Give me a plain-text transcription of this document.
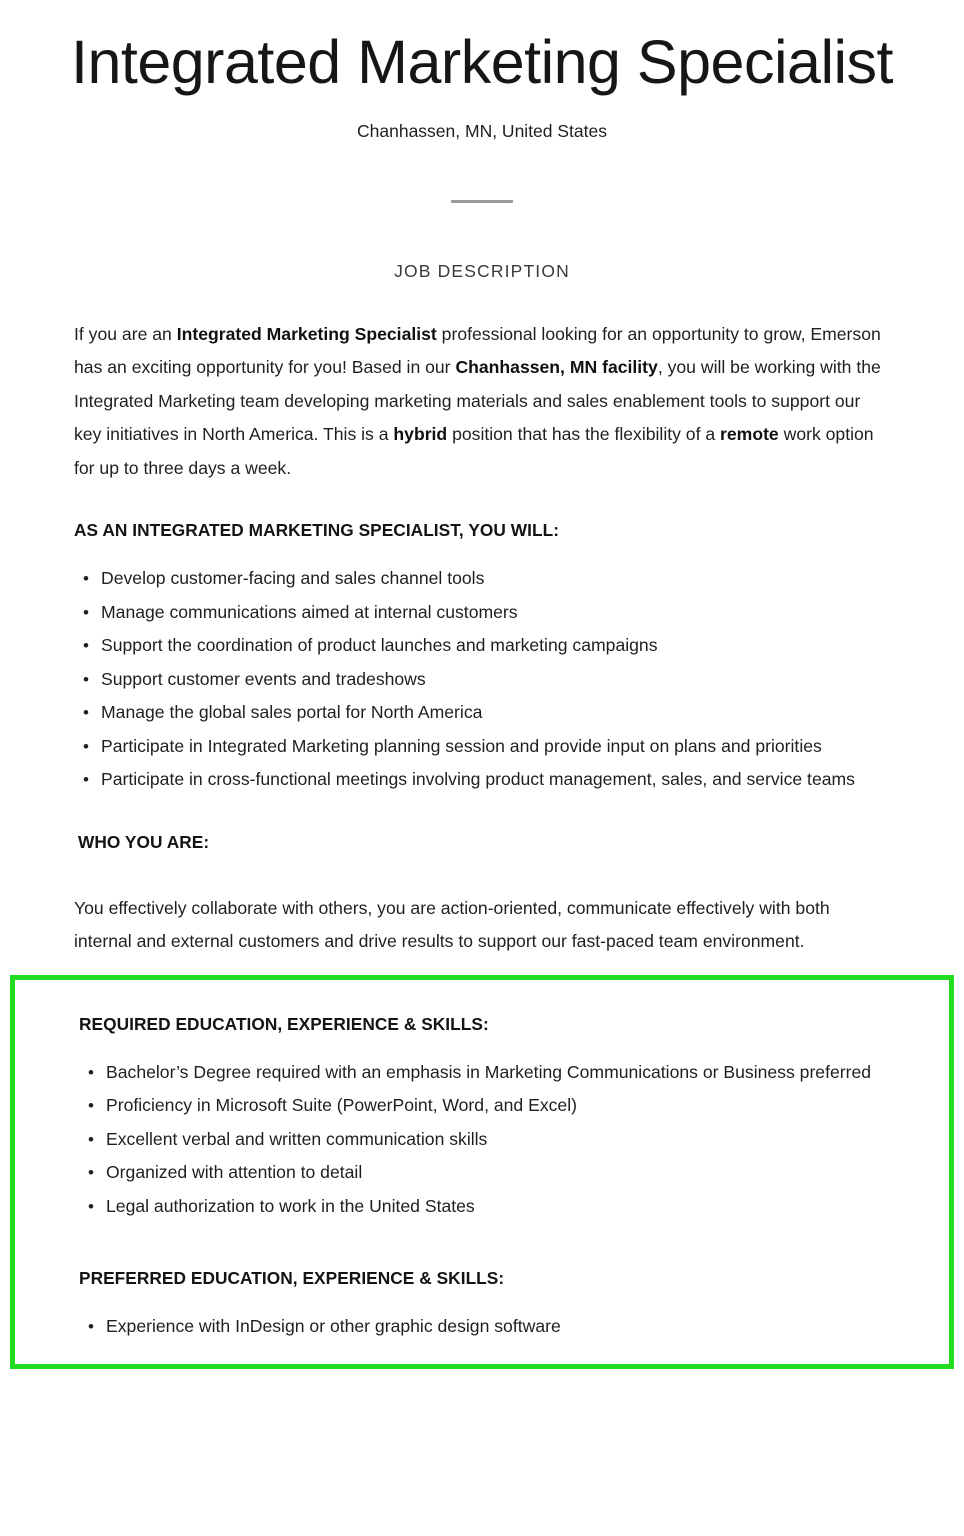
Integrated Marketing Specialist

Chanhassen, MN, United States

JOB DESCRIPTION

If you are an Integrated Marketing Specialist professional looking for an opportunity to grow, Emerson has an exciting opportunity for you! Based in our Chanhassen, MN facility, you will be working with the Integrated Marketing team developing marketing materials and sales enablement tools to support our key initiatives in North America. This is a hybrid position that has the flexibility of a remote work option for up to three days a week.

AS AN INTEGRATED MARKETING SPECIALIST, YOU WILL:
• Develop customer-facing and sales channel tools
• Manage communications aimed at internal customers
• Support the coordination of product launches and marketing campaigns
• Support customer events and tradeshows
• Manage the global sales portal for North America
• Participate in Integrated Marketing planning session and provide input on plans and priorities
• Participate in cross-functional meetings involving product management, sales, and service teams
WHO YOU ARE:

You effectively collaborate with others, you are action-oriented, communicate effectively with both internal and external customers and drive results to support our fast-paced team environment.

REQUIRED EDUCATION, EXPERIENCE & SKILLS:
• Bachelor’s Degree required with an emphasis in Marketing Communications or Business preferred
• Proficiency in Microsoft Suite (PowerPoint, Word, and Excel)
• Excellent verbal and written communication skills
• Organized with attention to detail
• Legal authorization to work in the United States
PREFERRED EDUCATION, EXPERIENCE & SKILLS:
• Experience with InDesign or other graphic design software
